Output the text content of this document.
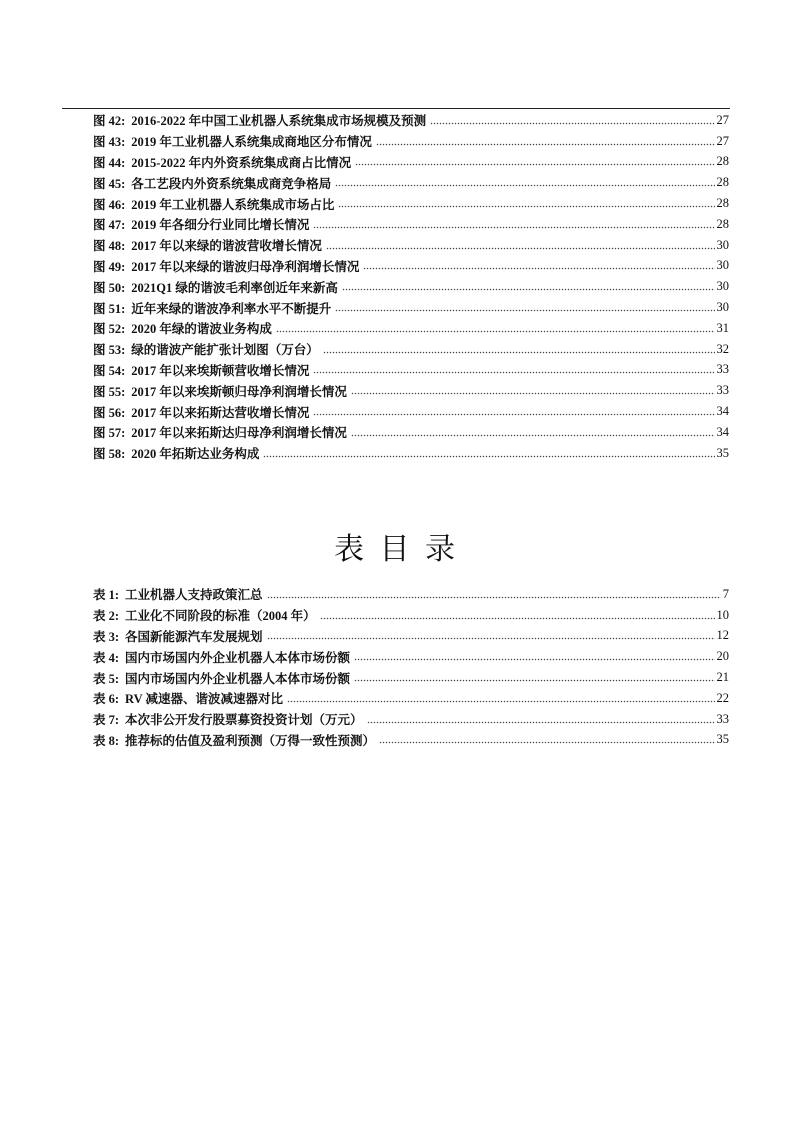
图 42: 2016-2022 年中国工业机器人系统集成市场规模及预测	27
图 43: 2019 年工业机器人系统集成商地区分布情况	27
图 44: 2015-2022 年内外资系统集成商占比情况	28
图 45: 各工艺段内外资系统集成商竞争格局	28
图 46: 2019 年工业机器人系统集成市场占比	28
图 47: 2019 年各细分行业同比增长情况	28
图 48: 2017 年以来绿的谐波营收增长情况	30
图 49: 2017 年以来绿的谐波归母净利润增长情况	30
图 50: 2021Q1 绿的谐波毛利率创近年来新高	30
图 51: 近年来绿的谐波净利率水平不断提升	30
图 52: 2020 年绿的谐波业务构成	31
图 53: 绿的谐波产能扩张计划图（万台）	32
图 54: 2017 年以来埃斯顿营收增长情况	33
图 55: 2017 年以来埃斯顿归母净利润增长情况	33
图 56: 2017 年以来拓斯达营收增长情况	34
图 57: 2017 年以来拓斯达归母净利润增长情况	34
图 58: 2020 年拓斯达业务构成	35
表 目 录
表 1: 工业机器人支持政策汇总	7
表 2: 工业化不同阶段的标准（2004 年）	10
表 3: 各国新能源汽车发展规划	12
表 4: 国内市场国内外企业机器人本体市场份额	20
表 5: 国内市场国内外企业机器人本体市场份额	21
表 6: RV 减速器、谐波减速器对比	22
表 7: 本次非公开发行股票募资投资计划（万元）	33
表 8: 推荐标的估值及盈利预测（万得一致性预测）	35
